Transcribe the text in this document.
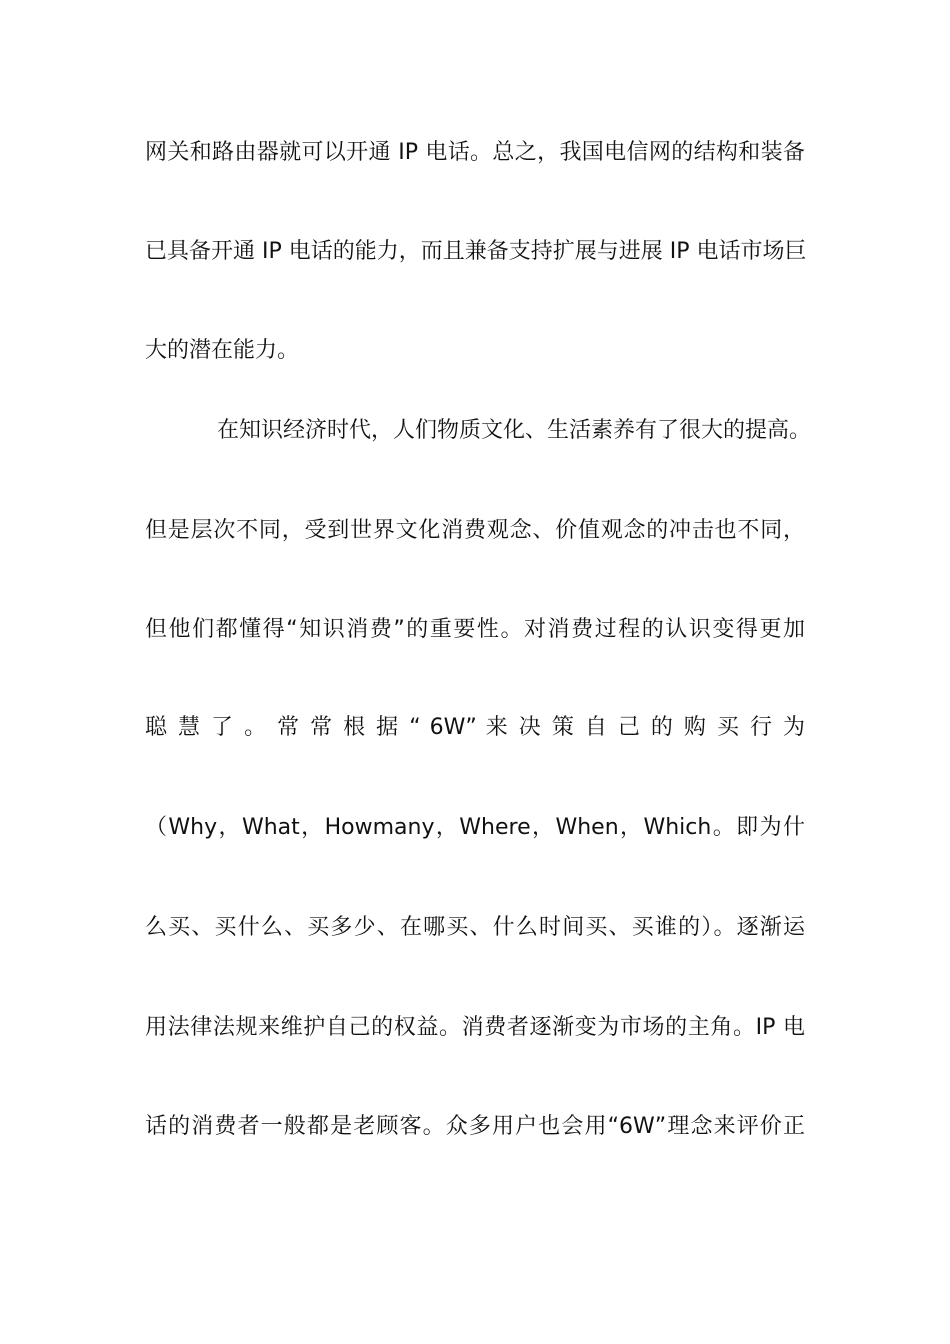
网关和路由器就可以开通 IP 电话。总之，我国电信网的结构和装备
已具备开通 IP 电话的能力，而且兼备支持扩展与进展 IP 电话市场巨
大的潜在能力。
在知识经济时代，人们物质文化、生活素养有了很大的提高。
但是层次不同，受到世界文化消费观念、价值观念的冲击也不同，
但他们都懂得“知识消费”的重要性。对消费过程的认识变得更加
聪 慧 了 。 常 常 根 据 “ 6W” 来 决 策 自 己 的 购 买 行 为
（Why，What，Howmany，Where，When，Which。即为什
么买、买什么、买多少、在哪买、什么时间买、买谁的）。逐渐运
用法律法规来维护自己的权益。消费者逐渐变为市场的主角。IP 电
话的消费者一般都是老顾客。众多用户也会用“6W”理念来评价正
